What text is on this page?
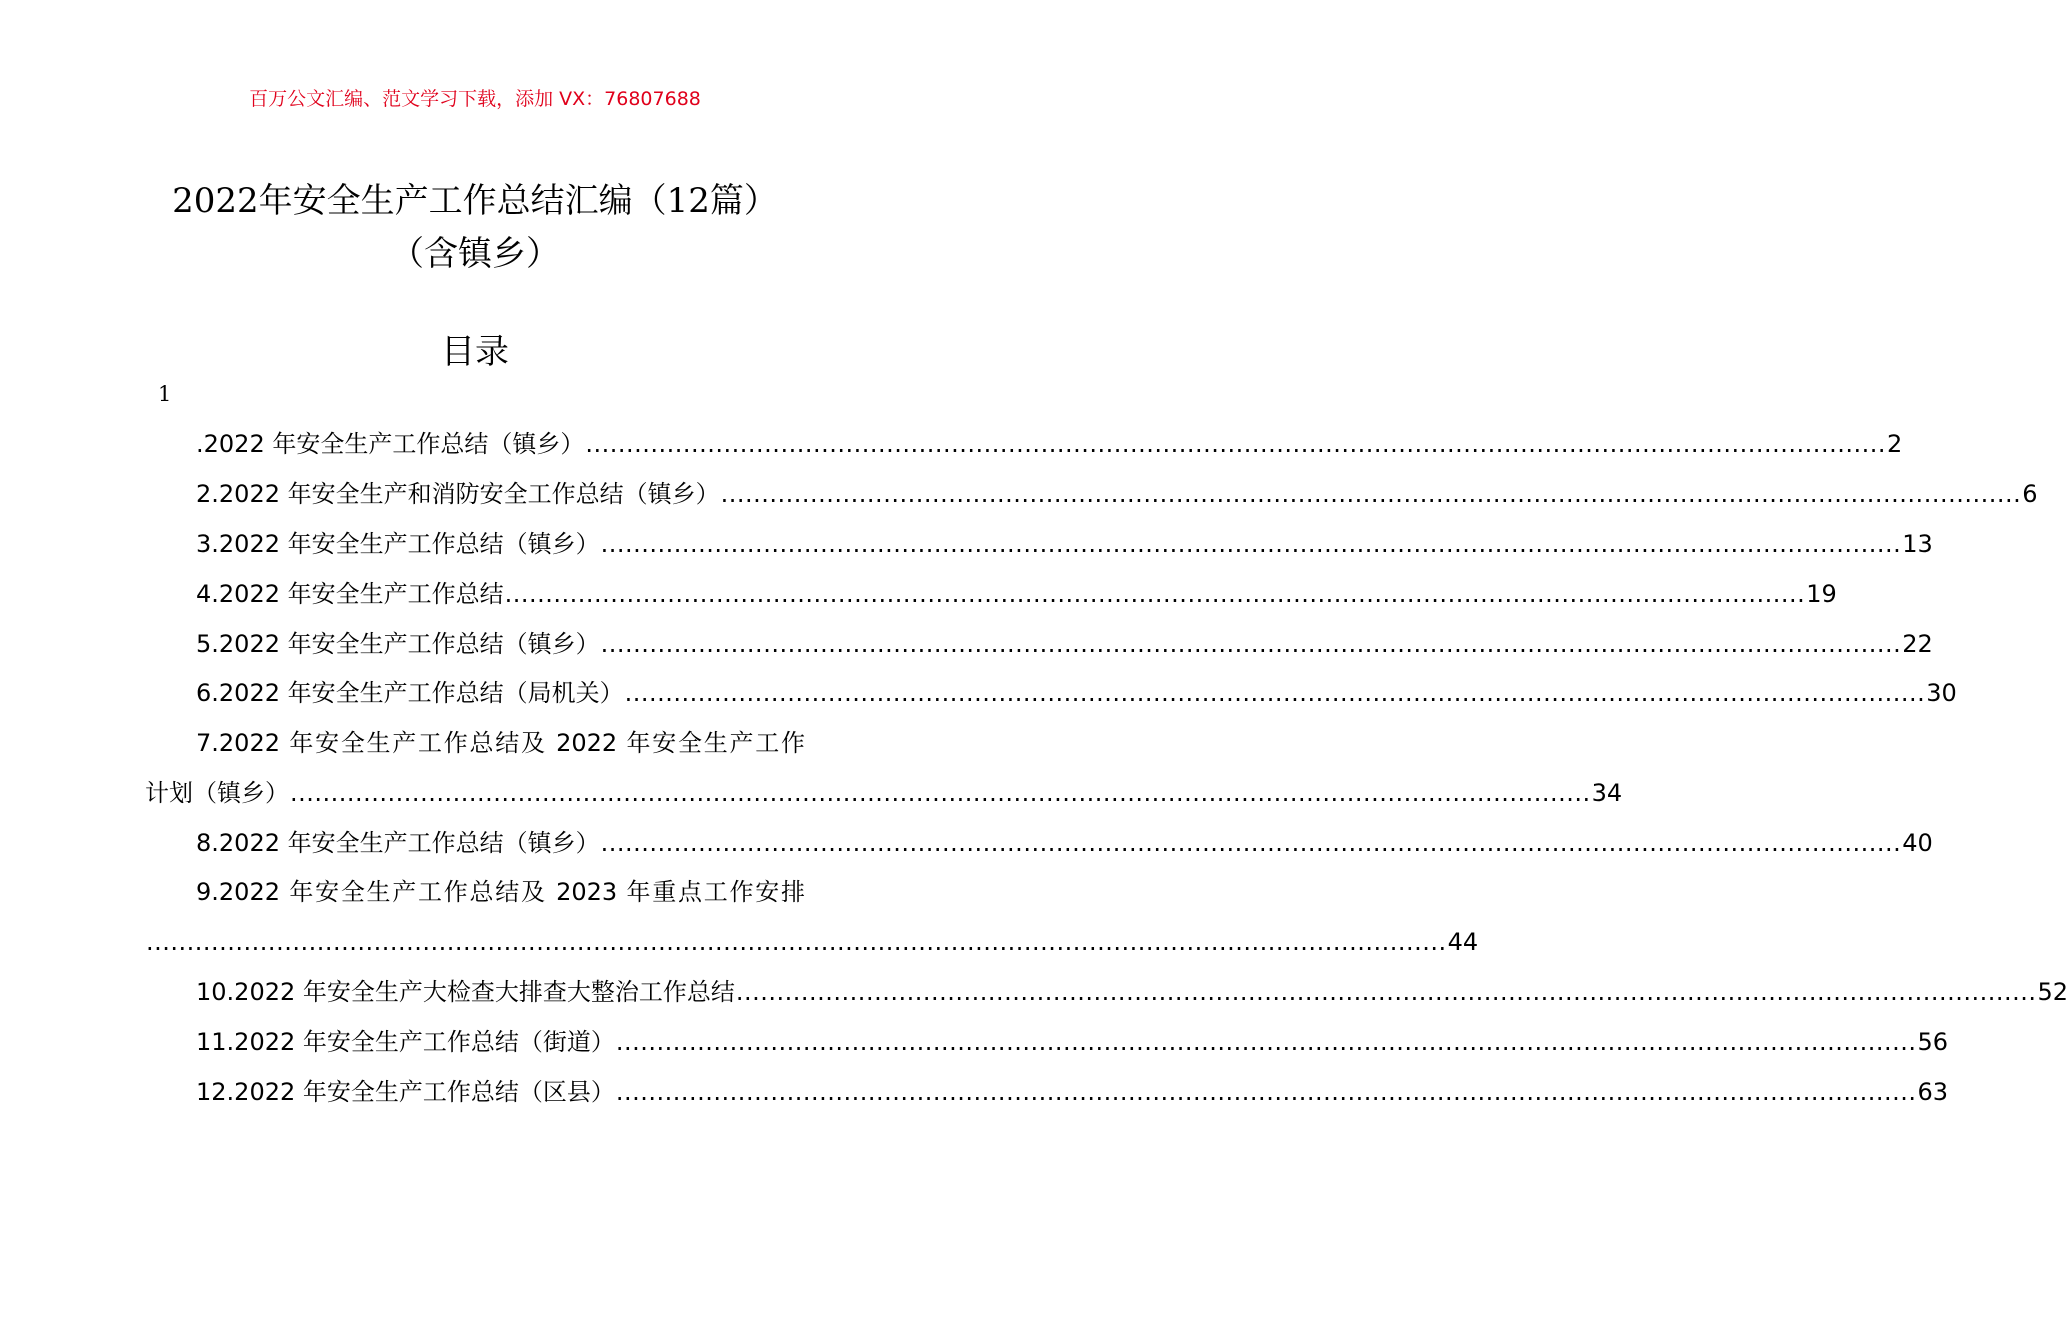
百万公文汇编、范文学习下载，添加 VX：76807688
2022年安全生产工作总结汇编（12篇）
（含镇乡）
目录
1
.2022 年安全生产工作总结（镇乡） ................................................................................................................................................................ 2
2.2022 年安全生产和消防安全工作总结（镇乡） ................................................................................................................................................................ 6
3.2022 年安全生产工作总结（镇乡） ................................................................................................................................................................ 13
4.2022 年安全生产工作总结 ................................................................................................................................................................ 19
5.2022 年安全生产工作总结（镇乡） ................................................................................................................................................................ 22
6.2022 年安全生产工作总结（局机关） ................................................................................................................................................................ 30
7.2022 年安全生产工作总结及 2022 年安全生产工作
计划（镇乡） ................................................................................................................................................................ 34
8.2022 年安全生产工作总结（镇乡） ................................................................................................................................................................ 40
9.2022 年安全生产工作总结及 2023 年重点工作安排
................................................................................................................................................................ 44
10.2022 年安全生产大检查大排查大整治工作总结 ................................................................................................................................................................ 52
11.2022 年安全生产工作总结（街道） ................................................................................................................................................................ 56
12.2022 年安全生产工作总结（区县） ................................................................................................................................................................ 63
